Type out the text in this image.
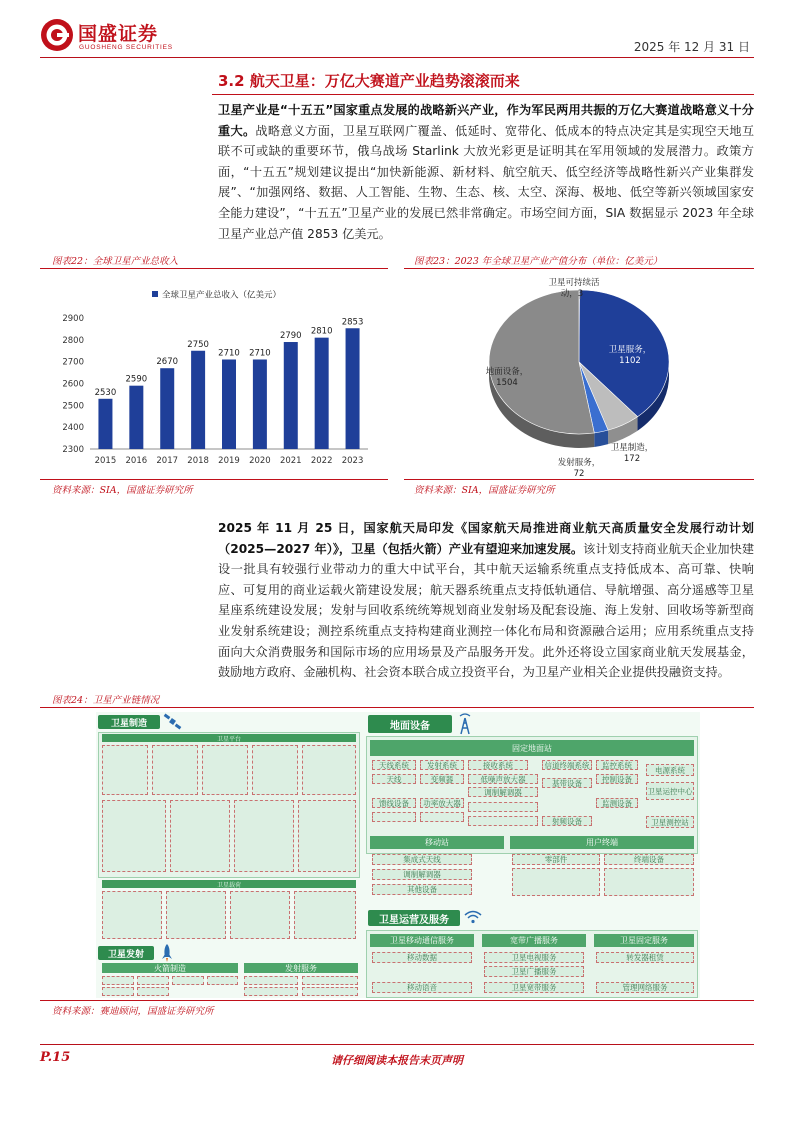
国盛证券
GUOSHENG SECURITIES	2025 年 12 月 31 日
3.2 航天卫星：万亿大赛道产业趋势滚滚而来
卫星产业是“十五五”国家重点发展的战略新兴产业，作为军民两用共振的万亿大赛道战略意义十分重大。战略意义方面，卫星互联网广覆盖、低延时、宽带化、低成本的特点决定其是实现空天地互联不可或缺的重要环节，俄乌战场 Starlink 大放光彩更是证明其在军用领域的发展潜力。政策方面，“十五五”规划建议提出“加快新能源、新材料、航空航天、低空经济等战略性新兴产业集群发展”、“加强网络、数据、人工智能、生物、生态、核、太空、深海、极地、低空等新兴领域国家安全能力建设”，“十五五”卫星产业的发展已然非常确定。市场空间方面，SIA 数据显示 2023 年全球卫星产业总产值 2853 亿美元。
图表22：全球卫星产业总收入
全球卫星产业总收入（亿美元）
2300
2400
2500
2600
2700
2800
2900
2530
2015
2590
2016
2670
2017
2750
2018
2710
2019
2710
2020
2790
2021
2810
2022
2853
2023
资料来源：SIA，国盛证券研究所
图表23：2023 年全球卫星产业产值分布（单位：亿美元）
卫星服务， 1102
地面设备， 1504
卫星制造， 172
发射服务， 72
卫星可持续活动，3
资料来源：SIA，国盛证券研究所
2025 年 11 月 25 日，国家航天局印发《国家航天局推进商业航天高质量安全发展行动计划（2025—2027 年）》，卫星（包括火箭）产业有望迎来加速发展。该计划支持商业航天企业加快建设一批具有较强行业带动力的重大中试平台，其中航天运输系统重点支持低成本、高可靠、快响应、可复用的商业运载火箭建设发展；航天器系统重点支持低轨通信、导航增强、高分遥感等卫星星座系统建设发展；发射与回收系统统筹规划商业发射场及配套设施、海上发射、回收场等新型商业发射系统建设；测控系统重点支持构建商业测控一体化布局和资源融合运用；应用系统重点支持面向大众消费服务和国际市场的应用场景及产品服务开发。此外还将设立国家商业航天发展基金，鼓励地方政府、金融机构、社会资本联合成立投资平台，为卫星产业相关企业提供投融资支持。
图表24：卫星产业链情况
卫星制造
卫星平台
卫星载荷
卫星发射
火箭制造	发射服务
地面设备
固定地面站
天线系统	发射系统	接收系统	信道终端系统	监控系统
电源系统
天线	变频器	低噪声放大器
调制解调器
基带设备	控制设备
卫星运控中心
馈线设备	功率放大器
射频设备
监测设备
卫星测控站
移动站	用户终端
集成式天线
调制解调器
其他设备
零部件	终端设备
卫星运营及服务
卫星移动通信服务	宽带广播服务	卫星固定服务
移动数据	卫星电视服务
卫星广播服务
转发器租赁
移动语音	卫星宽带服务	管理网络服务
资料来源：赛迪顾问，国盛证券研究所
P.15	请仔细阅读本报告末页声明
